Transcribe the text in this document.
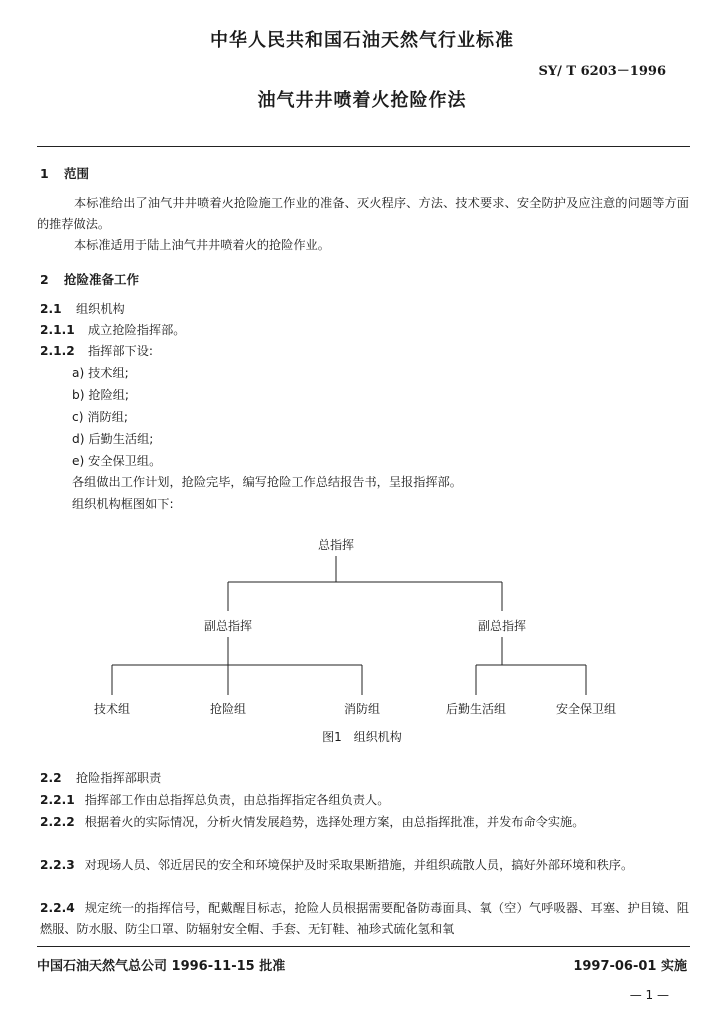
中华人民共和国石油天然气行业标准
SY/ T 6203－1996
油气井井喷着火抢险作法
1 范围
本标准给出了油气井井喷着火抢险施工作业的准备、灭火程序、方法、技术要求、安全防护及应注意的问题等方面的推荐做法。
本标准适用于陆上油气井井喷着火的抢险作业。
2 抢险准备工作
2.1 组织机构
2.1.1 成立抢险指挥部。
2.1.2 指挥部下设:
a) 技术组;
b) 抢险组;
c) 消防组;
d) 后勤生活组;
e) 安全保卫组。
各组做出工作计划，抢险完毕，编写抢险工作总结报告书，呈报指挥部。
组织机构框图如下:
总指挥
副总指挥	副总指挥
技术组	抢险组	消防组	后勤生活组	安全保卫组
图1　组织机构
2.2 抢险指挥部职责
2.2.1 指挥部工作由总指挥总负责，由总指挥指定各组负责人。
2.2.2 根据着火的实际情况，分析火情发展趋势，选择处理方案，由总指挥批准，并发布命令实施。
2.2.3 对现场人员、邻近居民的安全和环境保护及时采取果断措施，并组织疏散人员，搞好外部环境和秩序。
2.2.4 规定统一的指挥信号，配戴醒目标志，抢险人员根据需要配备防毒面具、氧（空）气呼吸器、耳塞、护目镜、阻燃服、防水服、防尘口罩、防辐射安全帽、手套、无钉鞋、袖珍式硫化氢和氧
中国石油天然气总公司 1996-11-15 批准	1997-06-01 实施
— 1 —
